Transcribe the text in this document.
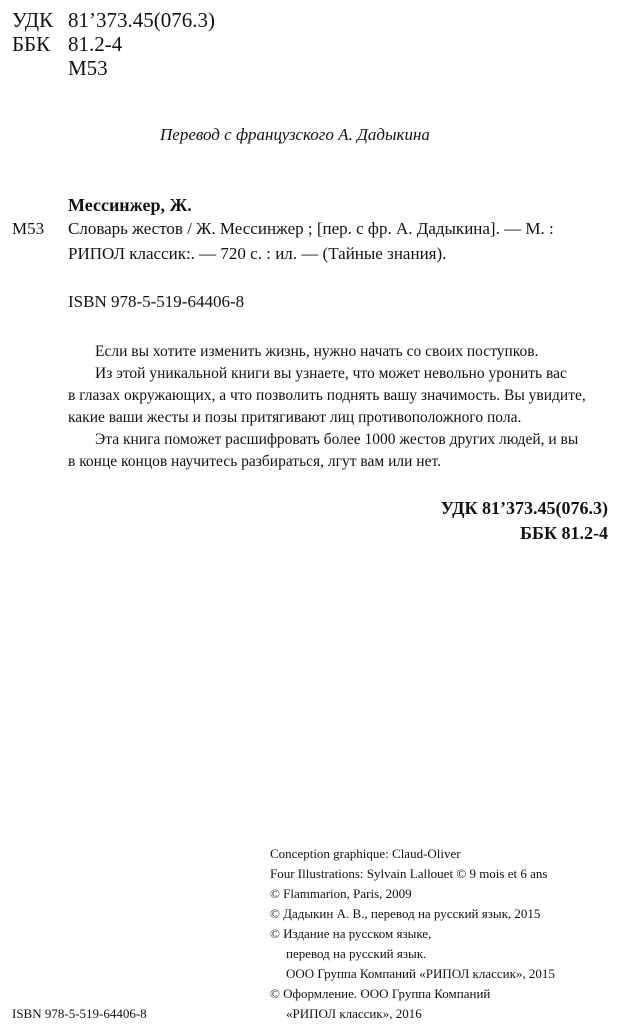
УДК 81’373.45(076.3)
ББК 81.2-4
М53
Перевод с французского А. Дадыкина
Мессинжер, Ж.
М53 Словарь жестов / Ж. Мессинжер ; [пер. с фр. А. Дадыкина]. — М. :
РИПОЛ классик:. — 720 с. : ил. — (Тайные знания).
ISBN 978-5-519-64406-8
Если вы хотите изменить жизнь, нужно начать со своих поступков.
Из этой уникальной книги вы узнаете, что может невольно уронить вас
в глазах окружающих, а что позволить поднять вашу значимость. Вы увидите,
какие ваши жесты и позы притягивают лиц противоположного пола.
Эта книга поможет расшифровать более 1000 жестов других людей, и вы
в конце концов научитесь разбираться, лгут вам или нет.
УДК 81’373.45(076.3)
ББК 81.2-4
Conception graphique: Claud-Oliver
Four Illustrations: Sylvain Lallouet © 9 mois et 6 ans
© Flammarion, Paris, 2009
© Дадыкин А. В., перевод на русский язык, 2015
© Издание на русском языке,
перевод на русский язык.
ООО Группа Компаний «РИПОЛ классик», 2015
© Оформление. ООО Группа Компаний
«РИПОЛ классик», 2016
ISBN 978-5-519-64406-8
